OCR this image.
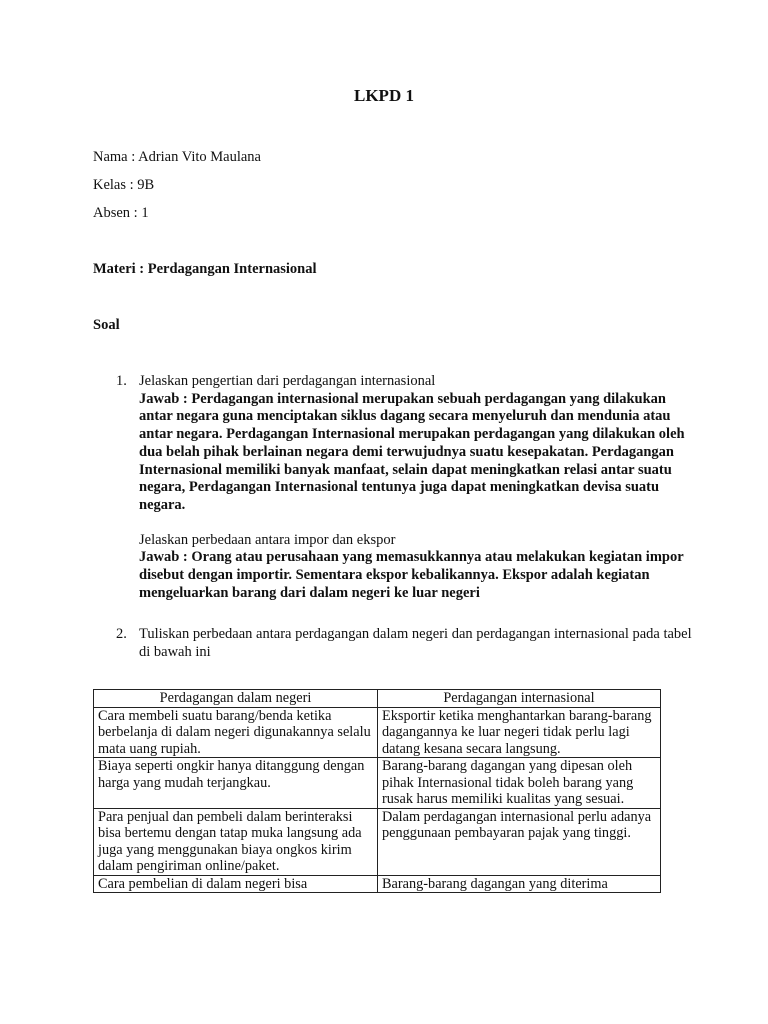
LKPD 1
Nama : Adrian Vito Maulana
Kelas : 9B
Absen : 1
Materi : Perdagangan Internasional
Soal
1. Jelaskan pengertian dari perdagangan internasional
Jawab : Perdagangan internasional merupakan sebuah perdagangan yang dilakukan antar negara guna menciptakan siklus dagang secara menyeluruh dan mendunia atau antar negara. Perdagangan Internasional merupakan perdagangan yang dilakukan oleh dua belah pihak berlainan negara demi terwujudnya suatu kesepakatan. Perdagangan Internasional memiliki banyak manfaat, selain dapat meningkatkan relasi antar suatu negara, Perdagangan Internasional tentunya juga dapat meningkatkan devisa suatu negara.
Jelaskan perbedaan antara impor dan ekspor
Jawab : Orang atau perusahaan yang memasukkannya atau melakukan kegiatan impor disebut dengan importir. Sementara ekspor kebalikannya. Ekspor adalah kegiatan mengeluarkan barang dari dalam negeri ke luar negeri
2. Tuliskan perbedaan antara perdagangan dalam negeri dan perdagangan internasional pada tabel di bawah ini
Perdagangan dalam negeri	Perdagangan internasional
Cara membeli suatu barang/benda ketika berbelanja di dalam negeri digunakannya selalu mata uang rupiah.	Eksportir ketika menghantarkan barang-barang dagangannya ke luar negeri tidak perlu lagi datang kesana secara langsung.
Biaya seperti ongkir hanya ditanggung dengan harga yang mudah terjangkau.	Barang-barang dagangan yang dipesan oleh pihak Internasional tidak boleh barang yang rusak harus memiliki kualitas yang sesuai.
Para penjual dan pembeli dalam berinteraksi bisa bertemu dengan tatap muka langsung ada juga yang menggunakan biaya ongkos kirim dalam pengiriman online/paket.	Dalam perdagangan internasional perlu adanya penggunaan pembayaran pajak yang tinggi.
Cara pembelian di dalam negeri bisa	Barang-barang dagangan yang diterima
